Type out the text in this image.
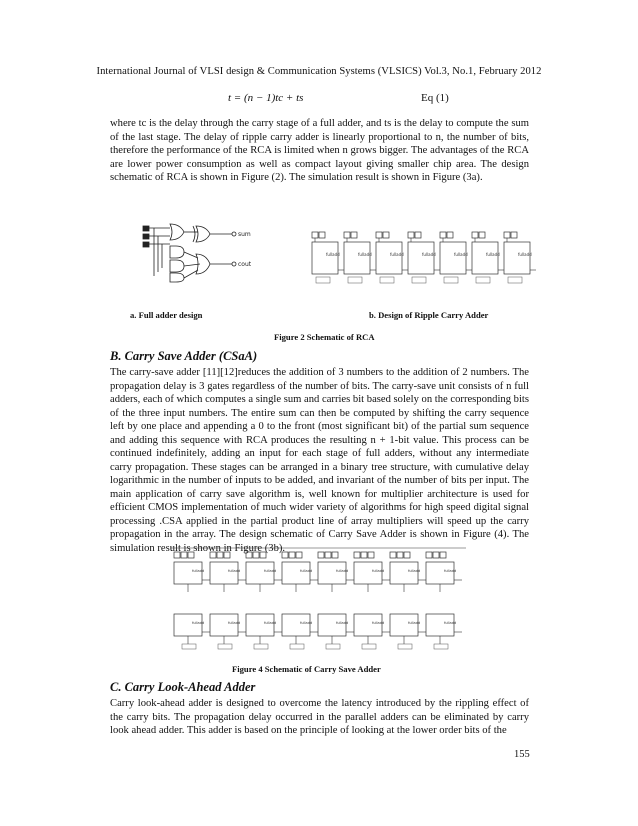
International Journal of VLSI design & Communication Systems (VLSICS) Vol.3, No.1, February 2012
t = (n − 1)tc + ts	Eq (1)

where tc is the delay through the carry stage of a full adder, and ts is the delay to compute the sum of the last stage. The delay of ripple carry adder is linearly proportional to n, the number of bits, therefore the performance of the RCA is limited when n grows bigger. The advantages of the RCA are lower power consumption as well as compact layout giving smaller chip area. The design schematic of RCA is shown in Figure (2). The simulation result is shown in Figure (3a).

sum
cout
fulladd	fulladd	fulladd	fulladd	fulladd	fulladd	fulladd
a. Full adder design	b. Design of Ripple Carry Adder
Figure 2 Schematic of RCA
B. Carry Save Adder (CSaA)

The carry-save adder [11][12]reduces the addition of 3 numbers to the addition of 2 numbers. The propagation delay is 3 gates regardless of the number of bits. The carry-save unit consists of n full adders, each of which computes a single sum and carries bit based solely on the corresponding bits of the three input numbers. The entire sum can then be computed by shifting the carry sequence left by one place and appending a 0 to the front (most significant bit) of the partial sum sequence and adding this sequence with RCA produces the resulting n + 1-bit value. This process can be continued indefinitely, adding an input for each stage of full adders, without any intermediate carry propagation. These stages can be arranged in a binary tree structure, with cumulative delay logarithmic in the number of inputs to be added, and invariant of the number of bits per input. The main application of carry save algorithm is, well known for multiplier architecture is used for efficient CMOS implementation of much wider variety of algorithms for high speed digital signal processing .CSA applied in the partial product line of array multipliers will speed up the carry propagation in the array. The design schematic of Carry Save Adder is shown in Figure (4). The simulation result is shown in Figure (3b).

fulladd	fulladd	fulladd	fulladd	fulladd	fulladd	fulladd	fulladd
fulladd	fulladd	fulladd	fulladd	fulladd	fulladd	fulladd	fulladd
Figure 4 Schematic of Carry Save Adder
C. Carry Look-Ahead Adder

Carry look-ahead adder is designed to overcome the latency introduced by the rippling effect of the carry bits. The propagation delay occurred in the parallel adders can be eliminated by carry look ahead adder. This adder is based on the principle of looking at the lower order bits of the

155
